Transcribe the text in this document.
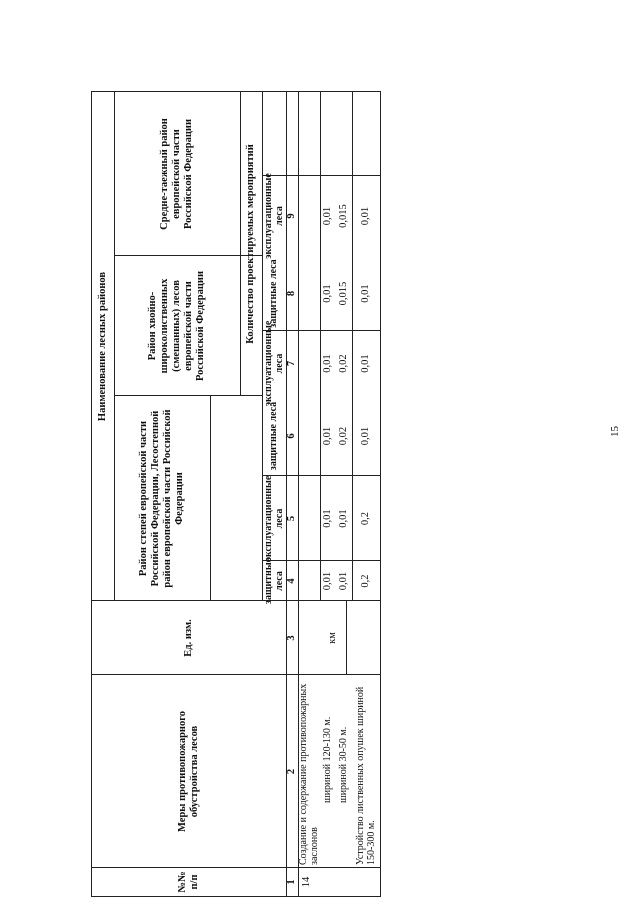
№№ п/п
Меры противопожарного обустройства лесов
Ед. изм.
Наименование лесных районов
Район степей европейской части Российской Федерации, Лесостепной район европейской части Российской Федерации
Район хвойно-широколиственных (смешанных) лесов европейской части Российской Федерации
Средне-таежный район европейской части Российской Федерации	Количество проектируемых мероприятий
защитные леса
эксплуатационные леса
защитные леса
эксплуатационные леса
защитные леса
эксплуатационные леса
1
2
3
4
5
6
7
8
9
14
Создание и содержание противопожарных заслонов
шириной 120-130 м. шириной 30-50 м.
км
Устройство лиственных опушек шириной 150-300 м.
0,01
0,01
0,01
0,01
0,01
0,01
0,01
0,01
0,02
0,02
0,015
0,015
0,2
0,2
0,01
0,01
0,01
0,01
15
